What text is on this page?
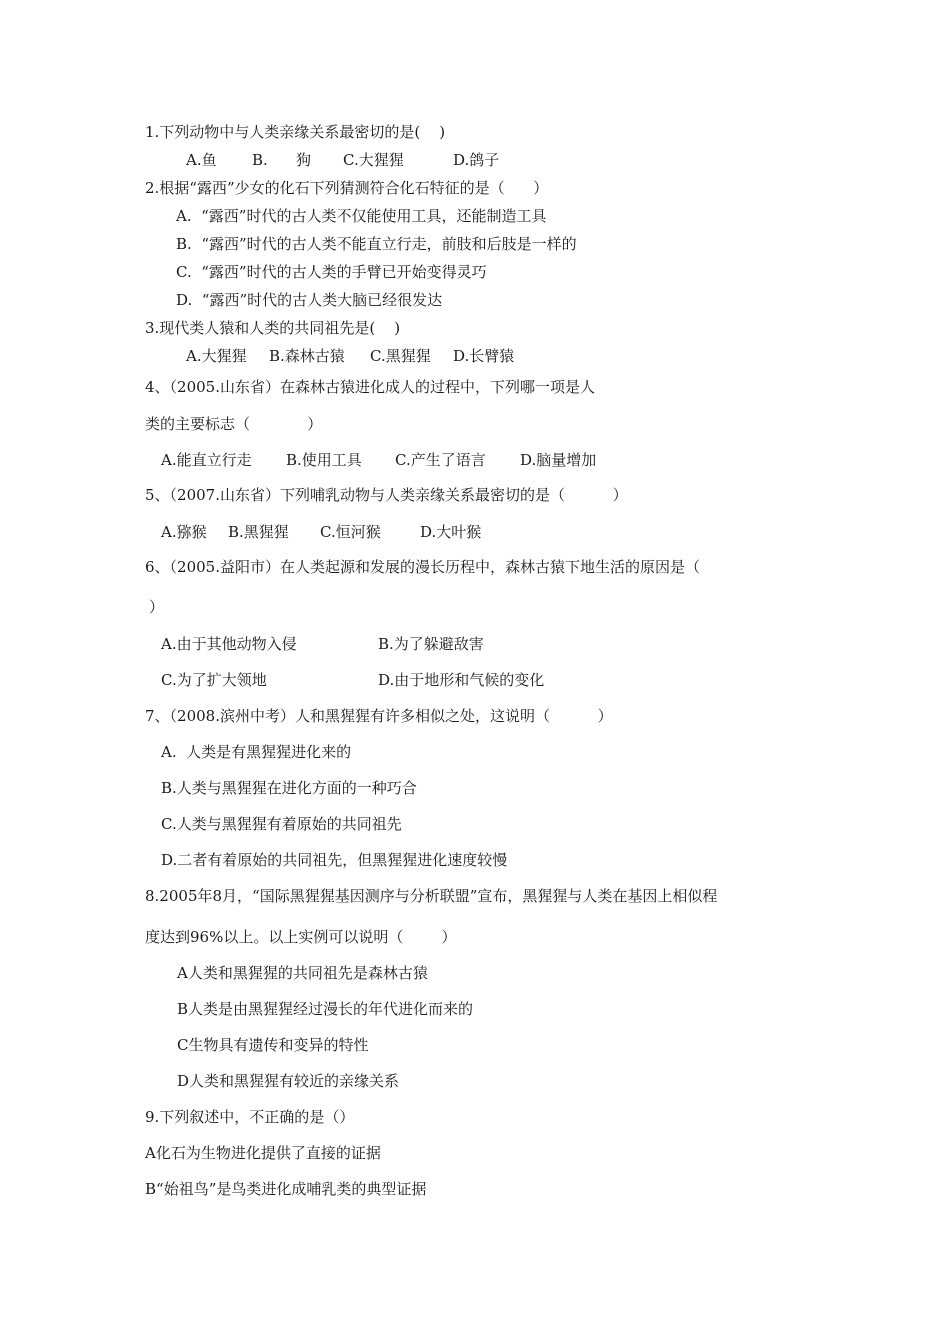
1.下列动物中与人类亲缘关系最密切的是(    )
A.鱼 B. 狗 C.大猩猩	D.鸽子
2.根据“露西”少女的化石下列猜测符合化石特征的是（      ）
A.  “露西”时代的古人类不仅能使用工具，还能制造工具
B.  “露西”时代的古人类不能直立行走，前肢和后肢是一样的
C.  “露西”时代的古人类的手臂已开始变得灵巧
D.  “露西”时代的古人类大脑已经很发达
3.现代类人猿和人类的共同祖先是(    )
A.大猩猩 B.森林古猿 C.黑猩猩 D.长臂猿
4、（2005.山东省）在森林古猿进化成人的过程中，下列哪一项是人
类的主要标志（            ）
A.能直立行走 B.使用工具 C.产生了语言 D.脑量增加
5、（2007.山东省）下列哺乳动物与人类亲缘关系最密切的是（          ）
A.猕猴 B.黑猩猩 C.恒河猴	D.大叶猴
6、（2005.益阳市）在人类起源和发展的漫长历程中，森林古猿下地生活的原因是（
）
A.由于其他动物入侵	B.为了躲避敌害
C.为了扩大领地	D.由于地形和气候的变化
7、（2008.滨州中考）人和黑猩猩有许多相似之处，这说明（          ）
A.  人类是有黑猩猩进化来的
B.人类与黑猩猩在进化方面的一种巧合
C.人类与黑猩猩有着原始的共同祖先
D.二者有着原始的共同祖先，但黑猩猩进化速度较慢
8.2005年8月，“国际黑猩猩基因测序与分析联盟”宣布，黑猩猩与人类在基因上相似程
度达到96%以上。以上实例可以说明（        ）
A人类和黑猩猩的共同祖先是森林古猿
B人类是由黑猩猩经过漫长的年代进化而来的
C生物具有遗传和变异的特性
D人类和黑猩猩有较近的亲缘关系
9.下列叙述中，不正确的是（）
A化石为生物进化提供了直接的证据
B“始祖鸟”是鸟类进化成哺乳类的典型证据
